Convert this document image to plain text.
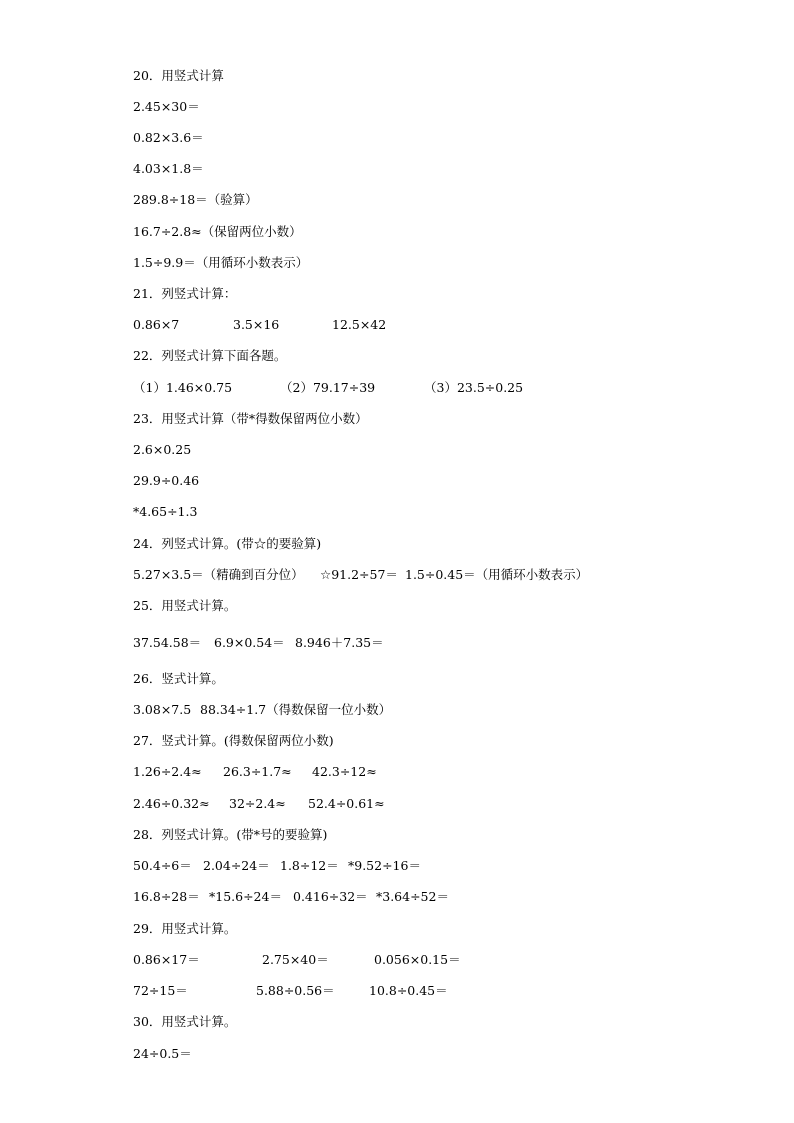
20．用竖式计算
2.45×30＝
0.82×3.6＝
4.03×1.8＝
289.8÷18＝（验算）
16.7÷2.8≈（保留两位小数）
1.5÷9.9＝（用循环小数表示）
21．列竖式计算：
0.86×7	3.5×16	12.5×42
22．列竖式计算下面各题。
（1）1.46×0.75	（2）79.17÷39	（3）23.5÷0.25
23．用竖式计算（带*得数保留两位小数）
2.6×0.25
29.9÷0.46
*4.65÷1.3
24．列竖式计算。(带☆的要验算)
5.27×3.5＝（精确到百分位） ☆91.2÷57＝ 1.5÷0.45＝（用循环小数表示）
25．用竖式计算。
37.54.58＝ 6.9×0.54＝ 8.946＋7.35＝
26．竖式计算。
3.08×7.5 88.34÷1.7（得数保留一位小数）
27．竖式计算。(得数保留两位小数)
1.26÷2.4≈ 26.3÷1.7≈ 42.3÷12≈
2.46÷0.32≈ 32÷2.4≈ 52.4÷0.61≈
28．列竖式计算。(带*号的要验算)
50.4÷6＝ 2.04÷24＝ 1.8÷12＝ *9.52÷16＝
16.8÷28＝ *15.6÷24＝ 0.416÷32＝ *3.64÷52＝
29．用竖式计算。
0.86×17＝	2.75×40＝	0.056×0.15＝
72÷15＝	5.88÷0.56＝	10.8÷0.45＝
30．用竖式计算。
24÷0.5＝
